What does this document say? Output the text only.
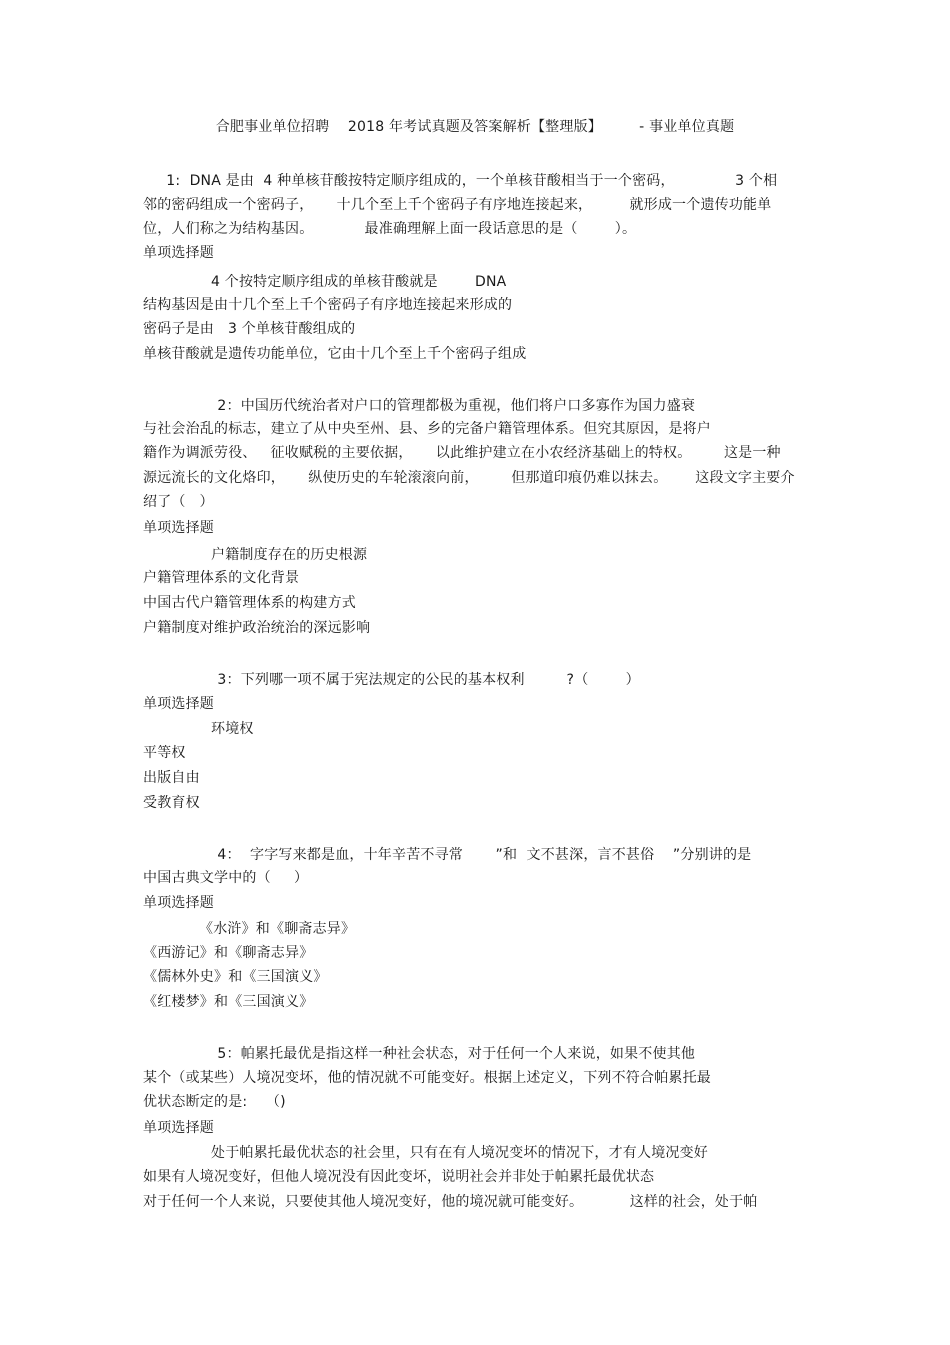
合肥事业单位招聘    2018 年考试真题及答案解析【整理版】        - 事业单位真题
1:  DNA 是由  4 种单核苷酸按特定顺序组成的，一个单核苷酸相当于一个密码，             3 个相
邻的密码组成一个密码子，     十几个至上千个密码子有序地连接起来，        就形成一个遗传功能单
位，人们称之为结构基因。           最准确理解上面一段话意思的是（        ）。
单项选择题
4 个按特定顺序组成的单核苷酸就是        DNA
结构基因是由十几个至上千个密码子有序地连接起来形成的
密码子是由   3 个单核苷酸组成的
单核苷酸就是遗传功能单位，它由十几个至上千个密码子组成
2：中国历代统治者对户口的管理都极为重视，他们将户口多寡作为国力盛衰
与社会治乱的标志，建立了从中央至州、县、乡的完备户籍管理体系。但究其原因，是将户
籍作为调派劳役、   征收赋税的主要依据，     以此维护建立在小农经济基础上的特权。       这是一种
源远流长的文化烙印，     纵使历史的车轮滚滚向前，       但那道印痕仍难以抹去。      这段文字主要介
绍了（   ）
单项选择题
户籍制度存在的历史根源
户籍管理体系的文化背景
中国古代户籍管理体系的构建方式
户籍制度对维护政治统治的深远影响
3：下列哪一项不属于宪法规定的公民的基本权利         ?（        ）
单项选择题
环境权
平等权
出版自由
受教育权
4：  字字写来都是血，十年辛苦不寻常       ”和  文不甚深，言不甚俗    ”分别讲的是
中国古典文学中的（     ）
单项选择题
《水浒》和《聊斋志异》
《西游记》和《聊斋志异》
《儒林外史》和《三国演义》
《红楼梦》和《三国演义》
5：帕累托最优是指这样一种社会状态，对于任何一个人来说，如果不使其他
某个（或某些）人境况变坏，他的情况就不可能变好。根据上述定义，下列不符合帕累托最
优状态断定的是:    （)
单项选择题
处于帕累托最优状态的社会里，只有在有人境况变坏的情况下，才有人境况变好
如果有人境况变好，但他人境况没有因此变坏，说明社会并非处于帕累托最优状态
对于任何一个人来说，只要使其他人境况变好，他的境况就可能变好。          这样的社会，处于帕
